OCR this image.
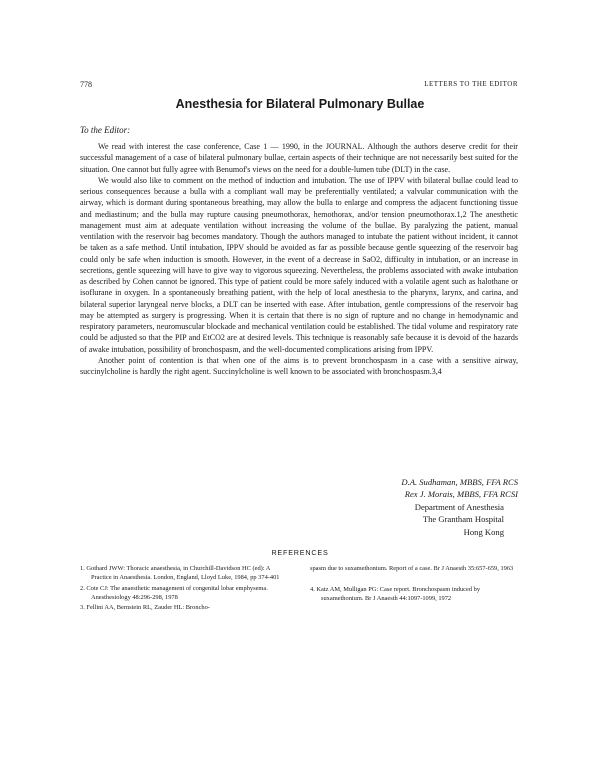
778	LETTERS TO THE EDITOR
Anesthesia for Bilateral Pulmonary Bullae
To the Editor:

We read with interest the case conference, Case 1 — 1990, in the JOURNAL. Although the authors deserve credit for their successful management of a case of bilateral pulmonary bullae, certain aspects of their technique are not necessarily best suited for the situation. One cannot but fully agree with Benumof's views on the need for a double-lumen tube (DLT) in the case.

We would also like to comment on the method of induction and intubation. The use of IPPV with bilateral bullae could lead to serious consequences because a bulla with a compliant wall may be preferentially ventilated; a valvular communication with the airway, which is dormant during spontaneous breathing, may allow the bulla to enlarge and compress the adjacent functioning tissue and mediastinum; and the bulla may rupture causing pneumothorax, hemothorax, and/or tension pneumothorax.1,2 The anesthetic management must aim at adequate ventilation without increasing the volume of the bullae. By paralyzing the patient, manual ventilation with the reservoir bag becomes mandatory. Though the authors managed to intubate the patient without incident, it cannot be taken as a safe method. Until intubation, IPPV should be avoided as far as possible because gentle squeezing of the reservoir bag could only be safe when induction is smooth. However, in the event of a decrease in SaO2, difficulty in intubation, or an increase in secretions, gentle squeezing will have to give way to vigorous squeezing. Nevertheless, the problems associated with awake intubation as described by Cohen cannot be ignored. This type of patient could be more safely induced with a volatile agent such as halothane or isoflurane in oxygen. In a spontaneously breathing patient, with the help of local anesthesia to the pharynx, larynx, and carina, and bilateral superior laryngeal nerve blocks, a DLT can be inserted with ease. After intubation, gentle compressions of the reservoir bag may be attempted as surgery is progressing. When it is certain that there is no sign of rupture and no change in hemodynamic and respiratory parameters, neuromuscular blockade and mechanical ventilation could be established. The tidal volume and respiratory rate could be adjusted so that the PIP and EtCO2 are at desired levels. This technique is reasonably safe because it is devoid of the hazards of awake intubation, possibility of bronchospasm, and the well-documented complications arising from IPPV.

Another point of contention is that when one of the aims is to prevent bronchospasm in a case with a sensitive airway, succinylcholine is hardly the right agent. Succinylcholine is well known to be associated with bronchospasm.3,4

D.A. Sudhaman, MBBS, FFA RCS
Rex J. Morais, MBBS, FFA RCSI
Department of Anesthesia
The Grantham Hospital
Hong Kong
REFERENCES
1. Gothard JWW: Thoracic anaesthesia, in Churchill-Davidson HC (ed): A Practice in Anaesthesia. London, England, Lloyd Luke, 1984, pp 374-401
2. Cote CJ: The anaesthetic management of congenital lobar emphysema. Anesthesiology 48:296-298, 1978
3. Fellini AA, Bernstein RL, Zauder HL: Broncho-
spasm due to suxamethonium. Report of a case. Br J Anaesth 35:657-659, 1963
4. Katz AM, Mulligan PG: Case report. Bronchospasm induced by suxamethonium. Br J Anaesth 44:1097-1099, 1972
